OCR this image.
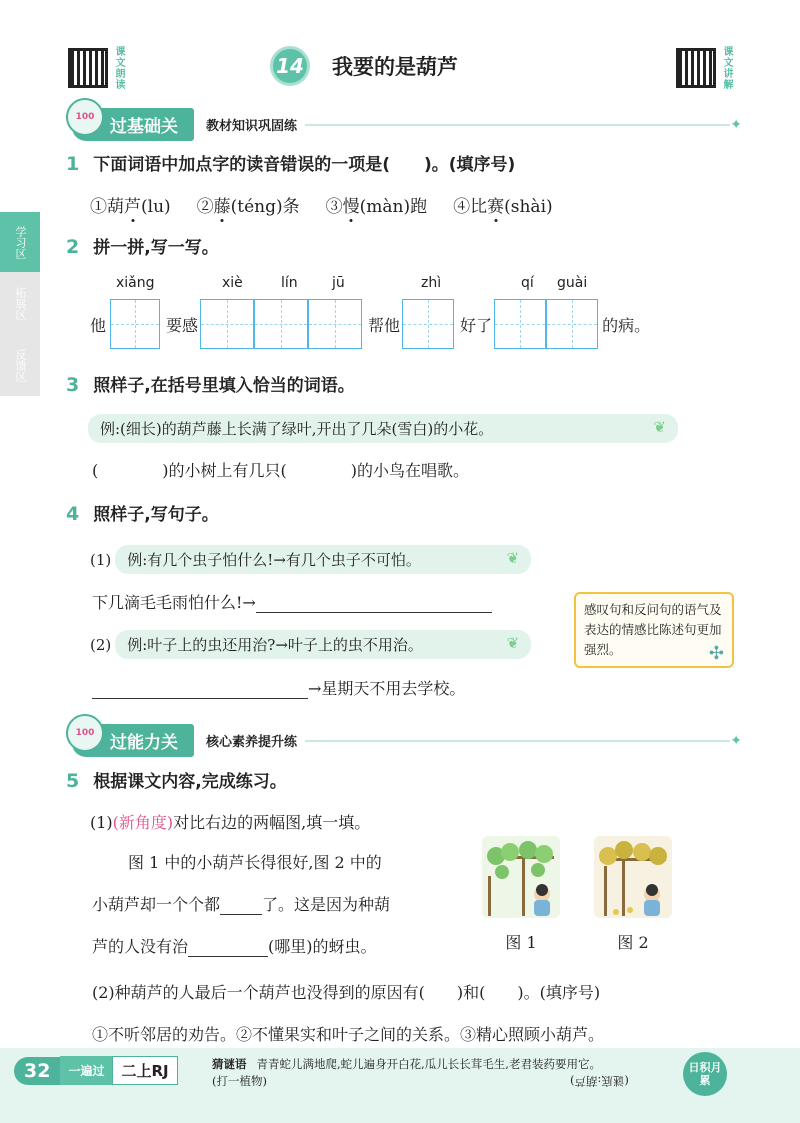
课文朗读	14 我要的是葫芦	课文讲解
学习区
拓展区
反馈区
100 过基础关	教材知识巩固练	✦
1 下面词语中加点字的读音错误的一项是(　　)。(填序号)
①葫芦(lu) ②藤(téng)条 ③慢(màn)跑 ④比赛(shài)
2 拼一拼,写一写。
xiǎng	xiè	lín jū	zhì	qí guài
他	要感	帮他	好了	的病。
3 照样子,在括号里填入恰当的词语。
例:(细长)的葫芦藤上长满了绿叶,开出了几朵(雪白)的小花。	❦
(　　　　)的小树上有几只(　　　　)的小鸟在唱歌。
4 照样子,写句子。
(1)	例:有几个虫子怕什么!→有几个虫子不可怕。	❦
下几滴毛毛雨怕什么!→
(2)	例:叶子上的虫还用治?→叶子上的虫不用治。	❦
→星期天不用去学校。
感叹句和反问句的语气及表达的情感比陈述句更加强烈。	✣
100 过能力关	核心素养提升练	✦
5 根据课文内容,完成练习。
(1)(新角度)对比右边的两幅图,填一填。
图 1 中的小葫芦长得很好,图 2 中的
小葫芦却一个个都	了。这是因为种葫
芦的人没有治	(哪里)的蚜虫。	图 1	图 2
(2)种葫芦的人最后一个葫芦也没得到的原因有(　　)和(　　)。(填序号)
①不听邻居的劝告。②不懂果实和叶子之间的关系。③精心照顾小葫芦。
32	一遍过	二上RJ	猜谜语 青青蛇儿满地爬,蛇儿遍身开白花,瓜儿长长茸毛生,老君装药要用它。
(打一植物)	(谜底:葫芦)
日积月累
